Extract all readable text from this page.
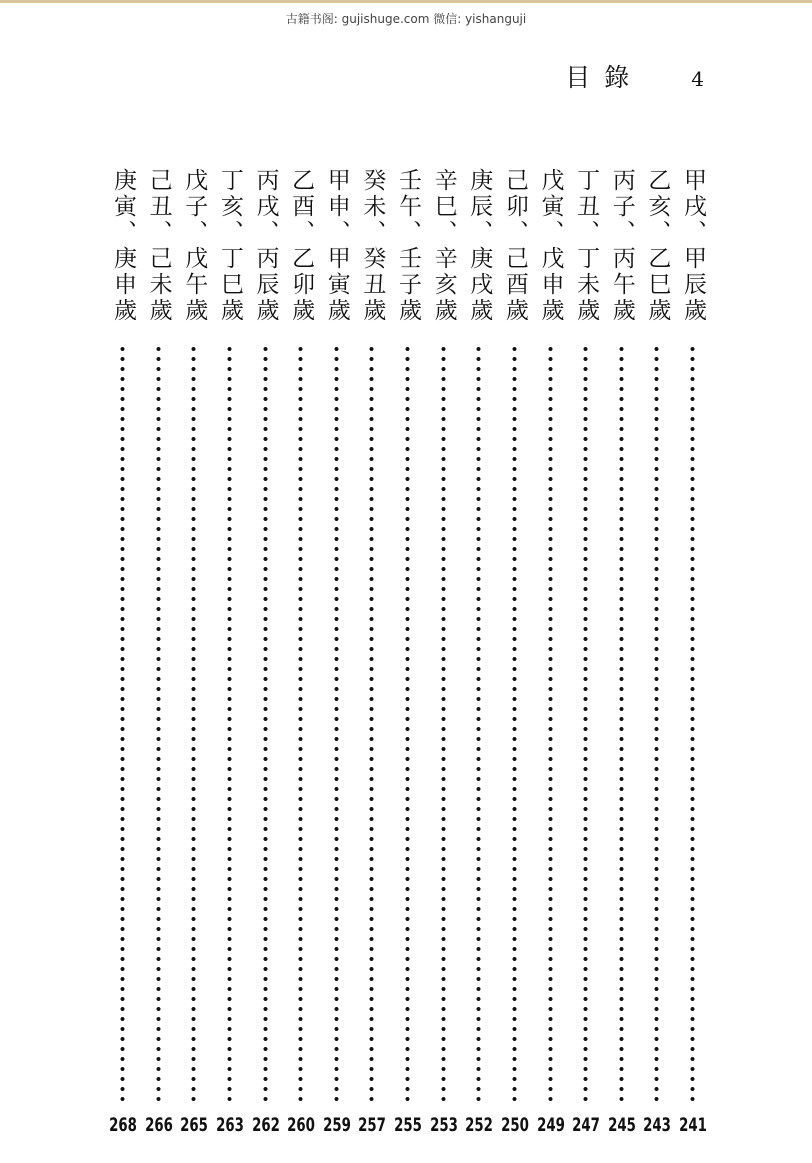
古籍书阁: gujishuge.com 微信: yishanguji
目錄 4
甲戌、甲辰歲
241
乙亥、乙巳歲
243
丙子、丙午歲
245
丁丑、丁未歲
247
戊寅、戊申歲
249
己卯、己酉歲
250
庚辰、庚戌歲
252
辛巳、辛亥歲
253
壬午、壬子歲
255
癸未、癸丑歲
257
甲申、甲寅歲
259
乙酉、乙卯歲
260
丙戌、丙辰歲
262
丁亥、丁巳歲
263
戊子、戊午歲
265
己丑、己未歲
266
庚寅、庚申歲
268
